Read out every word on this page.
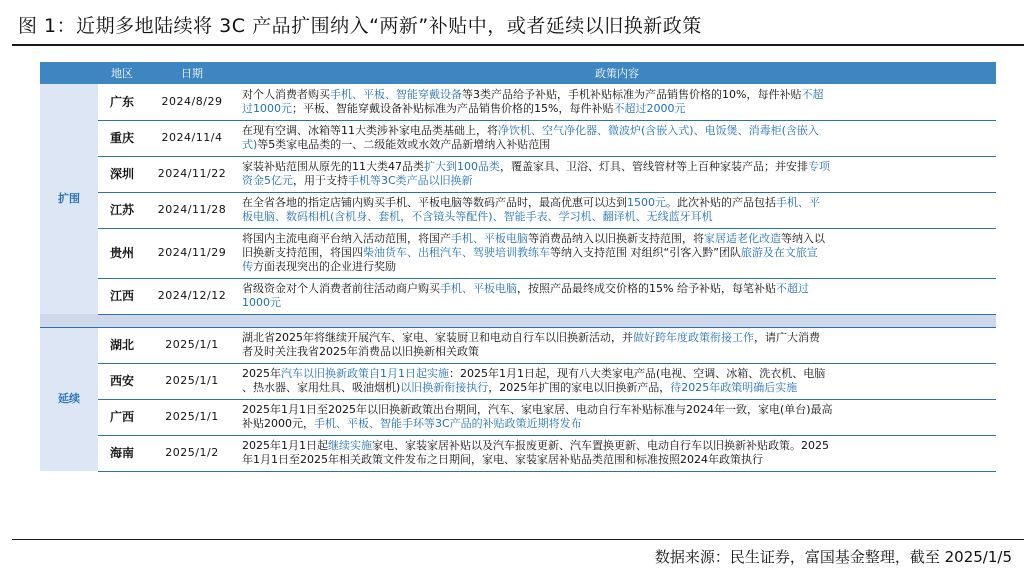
图 1：近期多地陆续将 3C 产品扩围纳入“两新”补贴中，或者延续以旧换新政策
	地区	日期	政策内容
扩围	广东	2024/8/29	对个人消费者购买手机、平板、智能穿戴设备等3类产品给予补贴，手机补贴标准为产品销售价格的10%，每件补贴不超
过1000元；平板、智能穿戴设备补贴标准为产品销售价格的15%，每件补贴不超过2000元

	重庆	2024/11/4	在现有空调、冰箱等11大类涉补家电品类基础上，将净饮机、空气净化器、微波炉(含嵌入式)、电饭煲、消毒柜(含嵌入
式)等5类家电品类的一、二级能效或水效产品新增纳入补贴范围

	深圳	2024/11/22	家装补贴范围从原先的11大类47品类扩大到100品类，覆盖家具、卫浴、灯具、管线管材等上百种家装产品；并安排专项
资金5亿元，用于支持手机等3C类产品以旧换新

	江苏	2024/11/28	在全省各地的指定店铺内购买手机、平板电脑等数码产品时，最高优惠可以达到1500元。此次补贴的产品包括手机、平
板电脑、数码相机(含机身、套机，不含镜头等配件)、智能手表、学习机、翻译机、无线蓝牙耳机

	贵州	2024/11/29	将国内主流电商平台纳入活动范围，将国产手机、平板电脑等消费品纳入以旧换新支持范围，将家居适老化改造等纳入以
旧换新支持范围，将国四柴油货车、出租汽车、驾驶培训教练车等纳入支持范围 对组织“引客入黔”团队旅游及在文旅宣
传方面表现突出的企业进行奖励

	江西	2024/12/12	省级资金对个人消费者前往活动商户购买手机、平板电脑，按照产品最终成交价格的15% 给予补贴，每笔补贴不超过
1000元

延续	湖北	2025/1/1	湖北省2025年将继续开展汽车、家电、家装厨卫和电动自行车以旧换新活动，并做好跨年度政策衔接工作，请广大消费
者及时关注我省2025年消费品以旧换新相关政策

	西安	2025/1/1	2025年汽车以旧换新政策自1月1日起实施：2025年1月1日起，现有八大类家电产品(电视、空调、冰箱、洗衣机、电脑
、热水器、家用灶具、吸油烟机)以旧换新衔接执行，2025年扩围的家电以旧换新产品，待2025年政策明确后实施

	广西	2025/1/1	2025年1月1日至2025年以旧换新政策出台期间，汽车、家电家居、电动自行车补贴标准与2024年一致，家电(单台)最高
补贴2000元，手机、平板、智能手环等3C产品的补贴政策近期将发布

	海南	2025/1/2	2025年1月1日起继续实施家电、家装家居补贴以及汽车报废更新、汽车置换更新、电动自行车以旧换新补贴政策。2025
年1月1日至2025年相关政策文件发布之日期间，家电、家装家居补贴品类范围和标准按照2024年政策执行
数据来源：民生证券，富国基金整理，截至 2025/1/5
